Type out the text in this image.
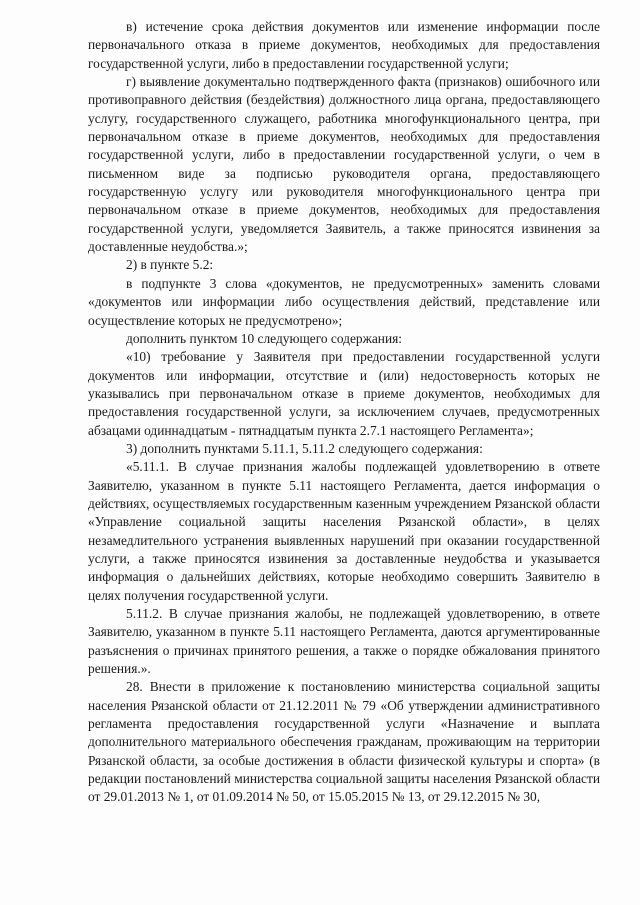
в) истечение срока действия документов или изменение информации после первоначального отказа в приеме документов, необходимых для предоставления государственной услуги, либо в предоставлении государственной услуги;

г) выявление документально подтвержденного факта (признаков) ошибочного или противоправного действия (бездействия) должностного лица органа, предоставляющего услугу, государственного служащего, работника многофункционального центра, при первоначальном отказе в приеме документов, необходимых для предоставления государственной услуги, либо в предоставлении государственной услуги, о чем в письменном виде за подписью руководителя органа, предоставляющего государственную услугу или руководителя многофункционального центра при первоначальном отказе в приеме документов, необходимых для предоставления государственной услуги, уведомляется Заявитель, а также приносятся извинения за доставленные неудобства.»;

2) в пункте 5.2:

в подпункте 3 слова «документов, не предусмотренных» заменить словами «документов или информации либо осуществления действий, представление или осуществление которых не предусмотрено»;

дополнить пунктом 10 следующего содержания:

«10) требование у Заявителя при предоставлении государственной услуги документов или информации, отсутствие и (или) недостоверность которых не указывались при первоначальном отказе в приеме документов, необходимых для предоставления государственной услуги, за исключением случаев, предусмотренных абзацами одиннадцатым - пятнадцатым пункта 2.7.1 настоящего Регламента»;

3) дополнить пунктами 5.11.1, 5.11.2 следующего содержания:

«5.11.1. В случае признания жалобы подлежащей удовлетворению в ответе Заявителю, указанном в пункте 5.11 настоящего Регламента, дается информация о действиях, осуществляемых государственным казенным учреждением Рязанской области «Управление социальной защиты населения Рязанской области», в целях незамедлительного устранения выявленных нарушений при оказании государственной услуги, а также приносятся извинения за доставленные неудобства и указывается информация о дальнейших действиях, которые необходимо совершить Заявителю в целях получения государственной услуги.

5.11.2. В случае признания жалобы, не подлежащей удовлетворению, в ответе Заявителю, указанном в пункте 5.11 настоящего Регламента, даются аргументированные разъяснения о причинах принятого решения, а также о порядке обжалования принятого решения.».

28. Внести в приложение к постановлению министерства социальной защиты населения Рязанской области от 21.12.2011 № 79 «Об утверждении административного регламента предоставления государственной услуги «Назначение и выплата дополнительного материального обеспечения гражданам, проживающим на территории Рязанской области, за особые достижения в области физической культуры и спорта» (в редакции постановлений министерства социальной защиты населения Рязанской области от 29.01.2013 № 1, от 01.09.2014 № 50, от 15.05.2015 № 13, от 29.12.2015 № 30,
